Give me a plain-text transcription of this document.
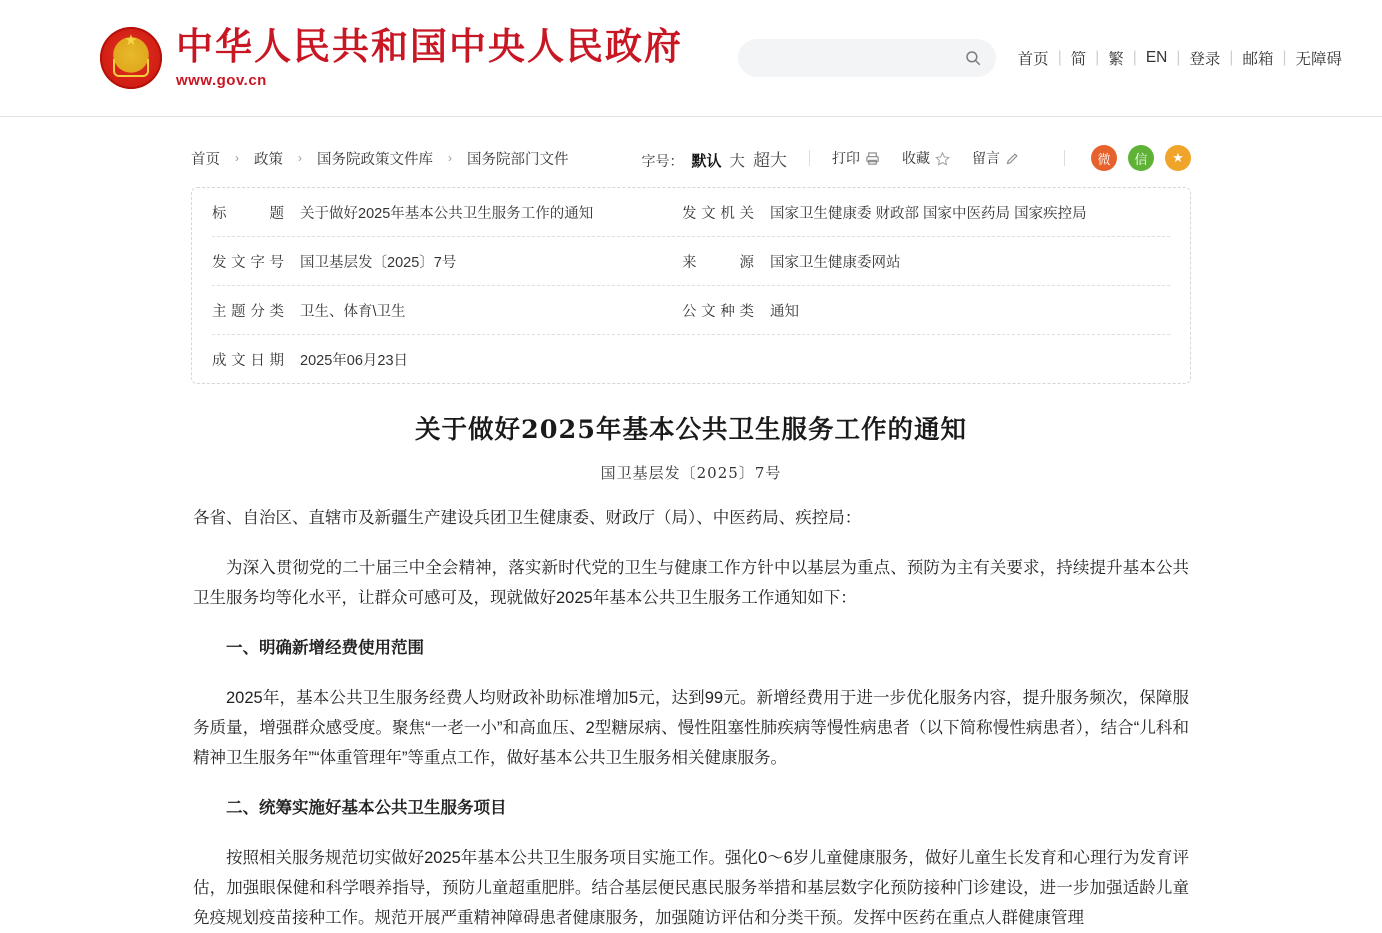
★
中华人民共和国中央人民政府
www.gov.cn
首页 | 简 | 繁 | EN | 登录 | 邮箱 | 无障碍
首页	›	政策	›	国务院政策文件库	›	国务院部门文件	字号： 默认 大 超大	打印	收藏	留言	微	信	★
标题 关于做好2025年基本公共卫生服务工作的通知	发文机关 国家卫生健康委 财政部 国家中医药局 国家疾控局
发文字号 国卫基层发〔2025〕7号	来源 国家卫生健康委网站
主题分类 卫生、体育\卫生	公文种类 通知
成文日期 2025年06月23日
关于做好2025年基本公共卫生服务工作的通知
国卫基层发〔2025〕7号

各省、自治区、直辖市及新疆生产建设兵团卫生健康委、财政厅（局）、中医药局、疾控局：

为深入贯彻党的二十届三中全会精神，落实新时代党的卫生与健康工作方针中以基层为重点、预防为主有关要求，持续提升基本公共卫生服务均等化水平，让群众可感可及，现就做好2025年基本公共卫生服务工作通知如下：

一、明确新增经费使用范围

2025年，基本公共卫生服务经费人均财政补助标准增加5元，达到99元。新增经费用于进一步优化服务内容，提升服务频次，保障服务质量，增强群众感受度。聚焦“一老一小”和高血压、2型糖尿病、慢性阻塞性肺疾病等慢性病患者（以下简称慢性病患者），结合“儿科和精神卫生服务年”“体重管理年”等重点工作，做好基本公共卫生服务相关健康服务。

二、统筹实施好基本公共卫生服务项目

按照相关服务规范切实做好2025年基本公共卫生服务项目实施工作。强化0～6岁儿童健康服务，做好儿童生长发育和心理行为发育评估，加强眼保健和科学喂养指导，预防儿童超重肥胖。结合基层便民惠民服务举措和基层数字化预防接种门诊建设，进一步加强适龄儿童免疫规划疫苗接种工作。规范开展严重精神障碍患者健康服务，加强随访评估和分类干预。发挥中医药在重点人群健康管理
